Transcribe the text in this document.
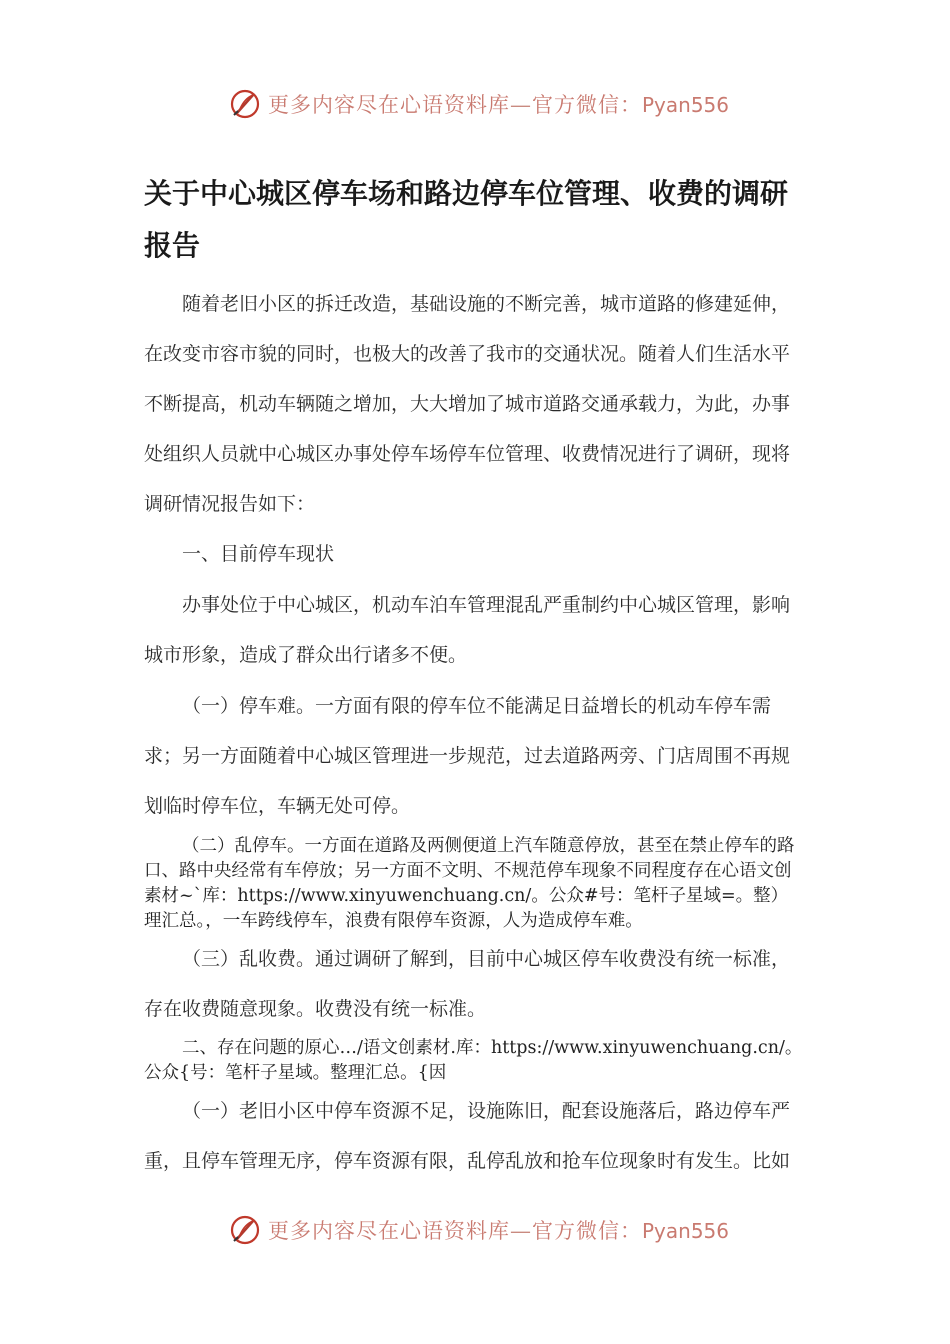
更多内容尽在心语资料库—官方微信：Pyan556
关于中心城区停车场和路边停车位管理、收费的调研报告

随着老旧小区的拆迁改造，基础设施的不断完善，城市道路的修建延伸，在改变市容市貌的同时，也极大的改善了我市的交通状况。随着人们生活水平不断提高，机动车辆随之增加，大大增加了城市道路交通承载力，为此，办事处组织人员就中心城区办事处停车场停车位管理、收费情况进行了调研，现将调研情况报告如下：

一、目前停车现状

办事处位于中心城区，机动车泊车管理混乱严重制约中心城区管理，影响城市形象，造成了群众出行诸多不便。

（一）停车难。一方面有限的停车位不能满足日益增长的机动车停车需求；另一方面随着中心城区管理进一步规范，过去道路两旁、门店周围不再规划临时停车位，车辆无处可停。

（二）乱停车。一方面在道路及两侧便道上汽车随意停放，甚至在禁止停车的路口、路中央经常有车停放；另一方面不文明、不规范停车现象不同程度存在心语文创素材~`库：https://www.xinyuwenchuang.cn/。公众#号：笔杆子星域=。整）理汇总。，一车跨线停车，浪费有限停车资源，人为造成停车难。

（三）乱收费。通过调研了解到，目前中心城区停车收费没有统一标准，存在收费随意现象。收费没有统一标准。

二、存在问题的原心…/语文创素材.库：https://www.xinyuwenchuang.cn/。公众{号：笔杆子星域。整理汇总。{因

（一）老旧小区中停车资源不足，设施陈旧，配套设施落后，路边停车严重，且停车管理无序，停车资源有限，乱停乱放和抢车位现象时有发生。比如

更多内容尽在心语资料库—官方微信：Pyan556
